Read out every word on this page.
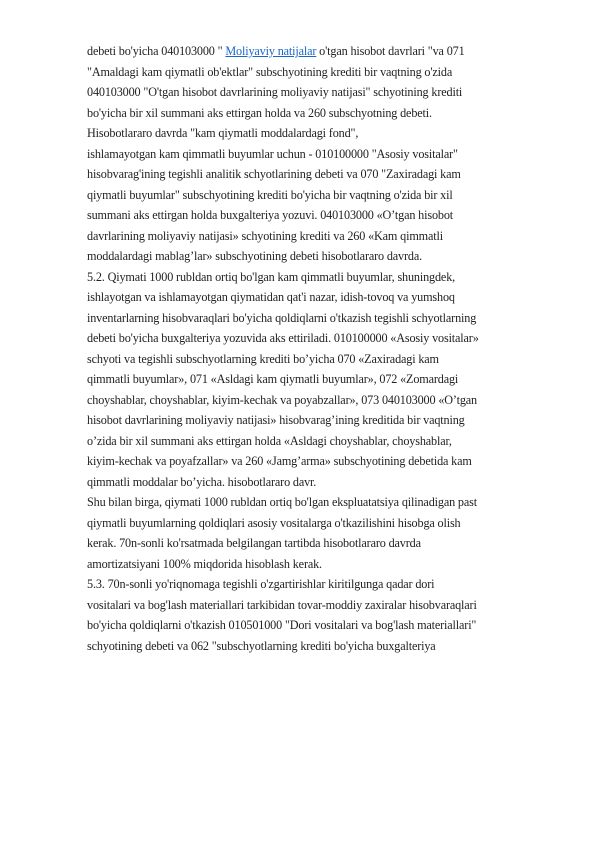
debeti bo'yicha 040103000 " Moliyaviy natijalar o'tgan hisobot davrlari "va 071
"Amaldagi kam qiymatli ob'ektlar" subschyotining krediti bir vaqtning o'zida
040103000 "O'tgan hisobot davrlarining moliyaviy natijasi" schyotining krediti
bo'yicha bir xil summani aks ettirgan holda va 260 subschyotning debeti.
Hisobotlararo davrda "kam qiymatli moddalardagi fond",
ishlamayotgan kam qimmatli buyumlar uchun - 010100000 "Asosiy vositalar"
hisobvarag'ining tegishli analitik schyotlarining debeti va 070 "Zaxiradagi kam
qiymatli buyumlar" subschyotining krediti bo'yicha bir vaqtning o'zida bir xil
summani aks ettirgan holda buxgalteriya yozuvi. 040103000 «O’tgan hisobot
davrlarining moliyaviy natijasi» schyotining krediti va 260 «Kam qimmatli
moddalardagi mablag’lar» subschyotining debeti hisobotlararo davrda.
5.2. Qiymati 1000 rubldan ortiq bo'lgan kam qimmatli buyumlar, shuningdek,
ishlayotgan va ishlamayotgan qiymatidan qat'i nazar, idish-tovoq va yumshoq
inventarlarning hisobvaraqlari bo'yicha qoldiqlarni o'tkazish tegishli schyotlarning
debeti bo'yicha buxgalteriya yozuvida aks ettiriladi. 010100000 «Asosiy vositalar»
schyoti va tegishli subschyotlarning krediti bo’yicha 070 «Zaxiradagi kam
qimmatli buyumlar», 071 «Asldagi kam qiymatli buyumlar», 072 «Zomardagi
choyshablar, choyshablar, kiyim-kechak va poyabzallar», 073 040103000 «O’tgan
hisobot davrlarining moliyaviy natijasi» hisobvarag’ining kreditida bir vaqtning
o’zida bir xil summani aks ettirgan holda «Asldagi choyshablar, choyshablar,
kiyim-kechak va poyafzallar» va 260 «Jamg’arma» subschyotining debetida kam
qimmatli moddalar bo’yicha. hisobotlararo davr.
Shu bilan birga, qiymati 1000 rubldan ortiq bo'lgan ekspluatatsiya qilinadigan past
qiymatli buyumlarning qoldiqlari asosiy vositalarga o'tkazilishini hisobga olish
kerak. 70n-sonli ko'rsatmada belgilangan tartibda hisobotlararo davrda
amortizatsiyani 100% miqdorida hisoblash kerak.
5.3. 70n-sonli yo'riqnomaga tegishli o'zgartirishlar kiritilgunga qadar dori
vositalari va bog'lash materiallari tarkibidan tovar-moddiy zaxiralar hisobvaraqlari
bo'yicha qoldiqlarni o'tkazish 010501000 "Dori vositalari va bog'lash materiallari"
schyotining debeti va 062 "subschyotlarning krediti bo'yicha buxgalteriya
